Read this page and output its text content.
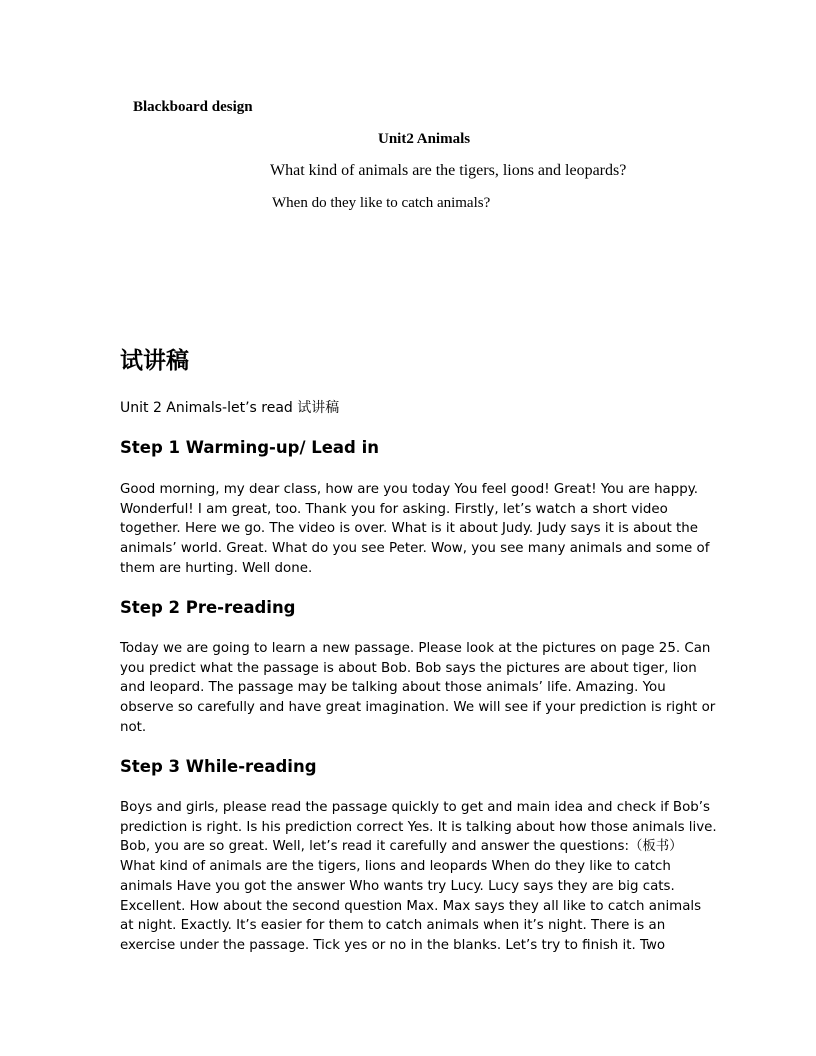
Blackboard design
Unit2 Animals
What kind of animals are the tigers, lions and leopards?
When do they like to catch animals?
试讲稿
Unit 2 Animals-let’s read 试讲稿
Step 1 Warming-up/ Lead in
Good morning, my dear class, how are you today You feel good! Great! You are happy.
Wonderful! I am great, too. Thank you for asking. Firstly, let’s watch a short video
together. Here we go. The video is over. What is it about Judy. Judy says it is about the
animals’ world. Great. What do you see Peter. Wow, you see many animals and some of
them are hurting. Well done.
Step 2 Pre-reading
Today we are going to learn a new passage. Please look at the pictures on page 25. Can
you predict what the passage is about Bob. Bob says the pictures are about tiger, lion
and leopard. The passage may be talking about those animals’ life. Amazing. You
observe so carefully and have great imagination. We will see if your prediction is right or
not.
Step 3 While-reading
Boys and girls, please read the passage quickly to get and main idea and check if Bob’s
prediction is right. Is his prediction correct Yes. It is talking about how those animals live.
Bob, you are so great. Well, let’s read it carefully and answer the questions:（板书）
What kind of animals are the tigers, lions and leopards When do they like to catch
animals Have you got the answer Who wants try Lucy. Lucy says they are big cats.
Excellent. How about the second question Max. Max says they all like to catch animals
at night. Exactly. It’s easier for them to catch animals when it’s night. There is an
exercise under the passage. Tick yes or no in the blanks. Let’s try to finish it. Two
